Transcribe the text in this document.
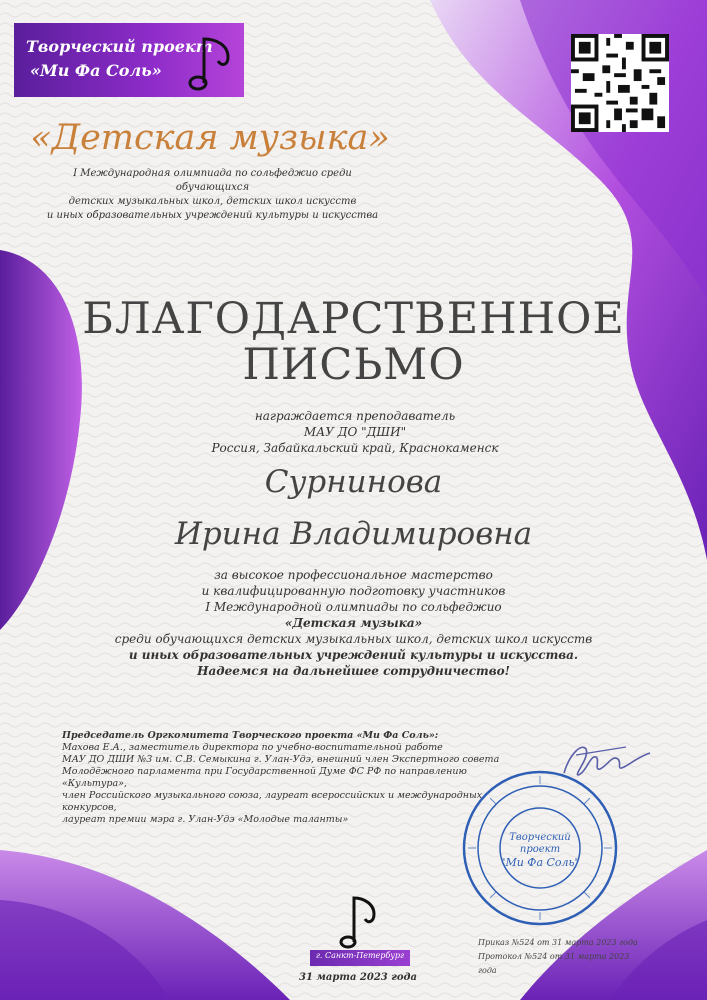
Творческий проект
«Ми Фа Соль»
«Детская музыка»
I Международная олимпиада по сольфеджио среди обучающихся
детских музыкальных школ, детских школ искусств
и иных образовательных учреждений культуры и искусства
БЛАГОДАРСТВЕННОЕ
ПИСЬМО
награждается преподаватель
МАУ ДО "ДШИ"
Россия, Забайкальский край, Краснокаменск
Сурнинова
Ирина Владимировна
за высокое профессиональное мастерство
и квалифицированную подготовку участников
I Международной олимпиады по сольфеджио
«Детская музыка»
среди обучающихся детских музыкальных школ, детских школ искусств
и иных образовательных учреждений культуры и искусства.
Надеемся на дальнейшее сотрудничество!
Председатель Оргкомитета Творческого проекта «Ми Фа Соль»:
Махова Е.А., заместитель директора по учебно-воспитательной работе
МАУ ДО ДШИ №3 им. С.В. Семыкина г. Улан-Удэ, внешний член Экспертного совета
Молодёжного парламента при Государственной Думе ФС РФ по направлению «Культура»,
член Российского музыкального союза, лауреат всероссийских и международных конкурсов,
лауреат премии мэра г. Улан-Удэ «Молодые таланты»
Творческий
проект
"Ми Фа Соль"
г. Санкт-Петербург
31 марта 2023 года
Приказ №524 от 31 марта 2023 года
Протокол №524 от 31 марта 2023 года
